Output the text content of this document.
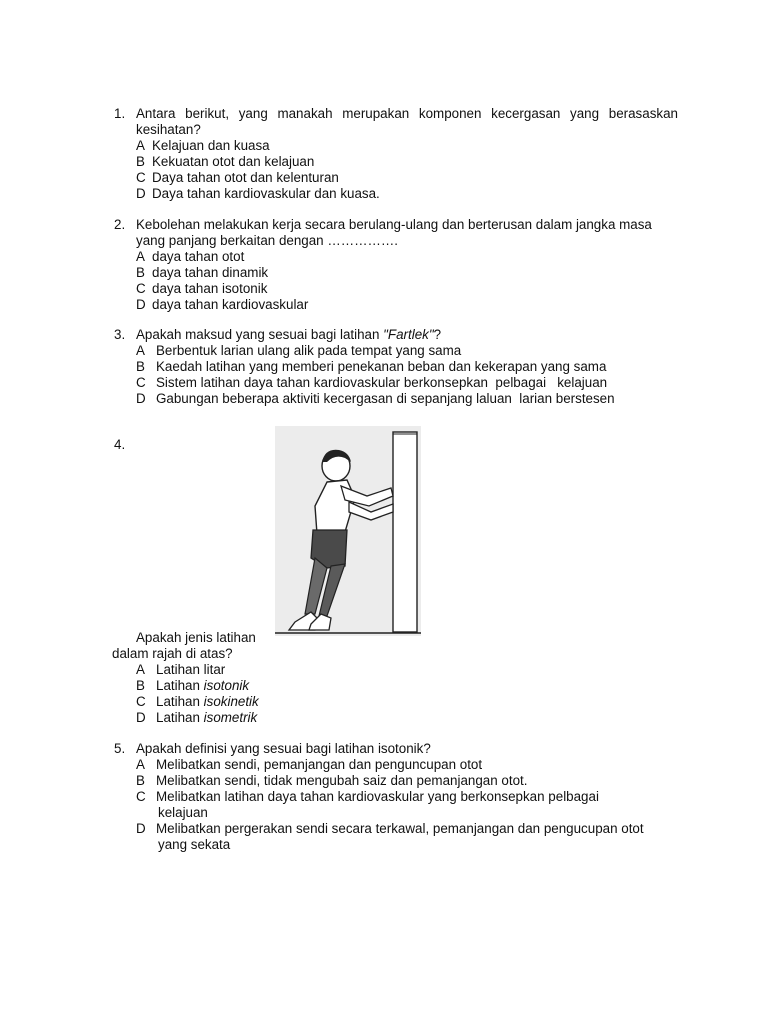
1. Antara berikut, yang manakah merupakan komponen kecergasan yang berasaskan
kesihatan?
A Kelajuan dan kuasa
B Kekuatan otot dan kelajuan
C Daya tahan otot dan kelenturan
D Daya tahan kardiovaskular dan kuasa.
2. Kebolehan melakukan kerja secara berulang-ulang dan berterusan dalam jangka masa
yang panjang berkaitan dengan …………….
A daya tahan otot
B daya tahan dinamik
C daya tahan isotonik
D daya tahan kardiovaskular
3. Apakah maksud yang sesuai bagi latihan "Fartlek"?
A Berbentuk larian ulang alik pada tempat yang sama
B Kaedah latihan yang memberi penekanan beban dan kekerapan yang sama
C Sistem latihan daya tahan kardiovaskular berkonsepkan  pelbagai   kelajuan
D Gabungan beberapa aktiviti kecergasan di sepanjang laluan  larian berstesen
4.
Apakah jenis latihan
dalam rajah di atas?
A Latihan litar
B Latihan isotonik
C Latihan isokinetik
D Latihan isometrik
5. Apakah definisi yang sesuai bagi latihan isotonik?
A Melibatkan sendi, pemanjangan dan penguncupan otot
B Melibatkan sendi, tidak mengubah saiz dan pemanjangan otot.
C Melibatkan latihan daya tahan kardiovaskular yang berkonsepkan pelbagai
kelajuan
D Melibatkan pergerakan sendi secara terkawal, pemanjangan dan pengucupan otot
yang sekata
